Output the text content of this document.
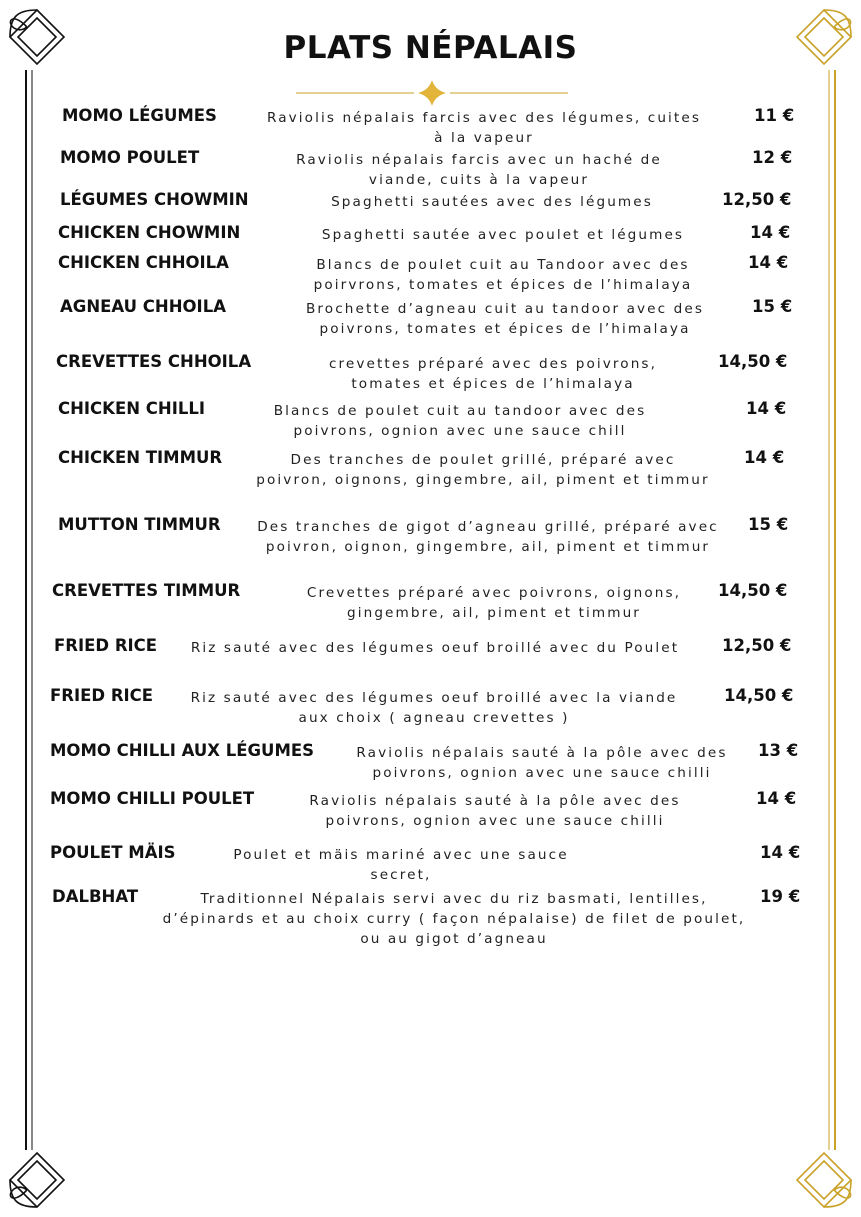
PLATS NÉPALAIS
MOMO LÉGUMES	Raviolis népalais farcis avec des légumes, cuites à la vapeur
11 €
MOMO POULET	Raviolis népalais farcis avec un haché de viande, cuits à la vapeur
12 €
LÉGUMES CHOWMIN	Spaghetti sautées avec des légumes	12,50 €
CHICKEN CHOWMIN	Spaghetti sautée avec poulet et légumes	14 €
CHICKEN CHHOILA	Blancs de poulet cuit au Tandoor avec des poirvrons, tomates et épices de l’himalaya
14 €
AGNEAU CHHOILA	Brochette d’agneau cuit au tandoor avec des poivrons, tomates et épices de l’himalaya
15 €
CREVETTES CHHOILA	crevettes préparé avec des poivrons, tomates et épices de l’himalaya
14,50 €
CHICKEN CHILLI	Blancs de poulet cuit au tandoor avec des poivrons, ognion avec une sauce chill
14 €
CHICKEN TIMMUR	Des tranches de poulet grillé, préparé avec poivron, oignons, gingembre, ail, piment et timmur
14 €
MUTTON TIMMUR	Des tranches de gigot d’agneau grillé, préparé avec poivron, oignon, gingembre, ail, piment et timmur
15 €
CREVETTES TIMMUR	Crevettes préparé avec poivrons, oignons, gingembre, ail, piment et timmur
14,50 €
FRIED RICE Riz sauté avec des légumes oeuf broillé avec du Poulet	12,50 €
FRIED RICE	Riz sauté avec des légumes oeuf broillé avec la viande aux choix ( agneau crevettes )
14,50 €
MOMO CHILLI AUX LÉGUMES	Raviolis népalais sauté à la pôle avec des poivrons, ognion avec une sauce chilli
13 €
MOMO CHILLI POULET	Raviolis népalais sauté à la pôle avec des poivrons, ognion avec une sauce chilli
14 €
POULET MÄIS	Poulet et mäis mariné avec une sauce secret,
14 €
DALBHAT	Traditionnel Népalais servi avec du riz basmati, lentilles, d’épinards et au choix curry ( façon népalaise) de filet de poulet, ou au gigot d’agneau
19 €
